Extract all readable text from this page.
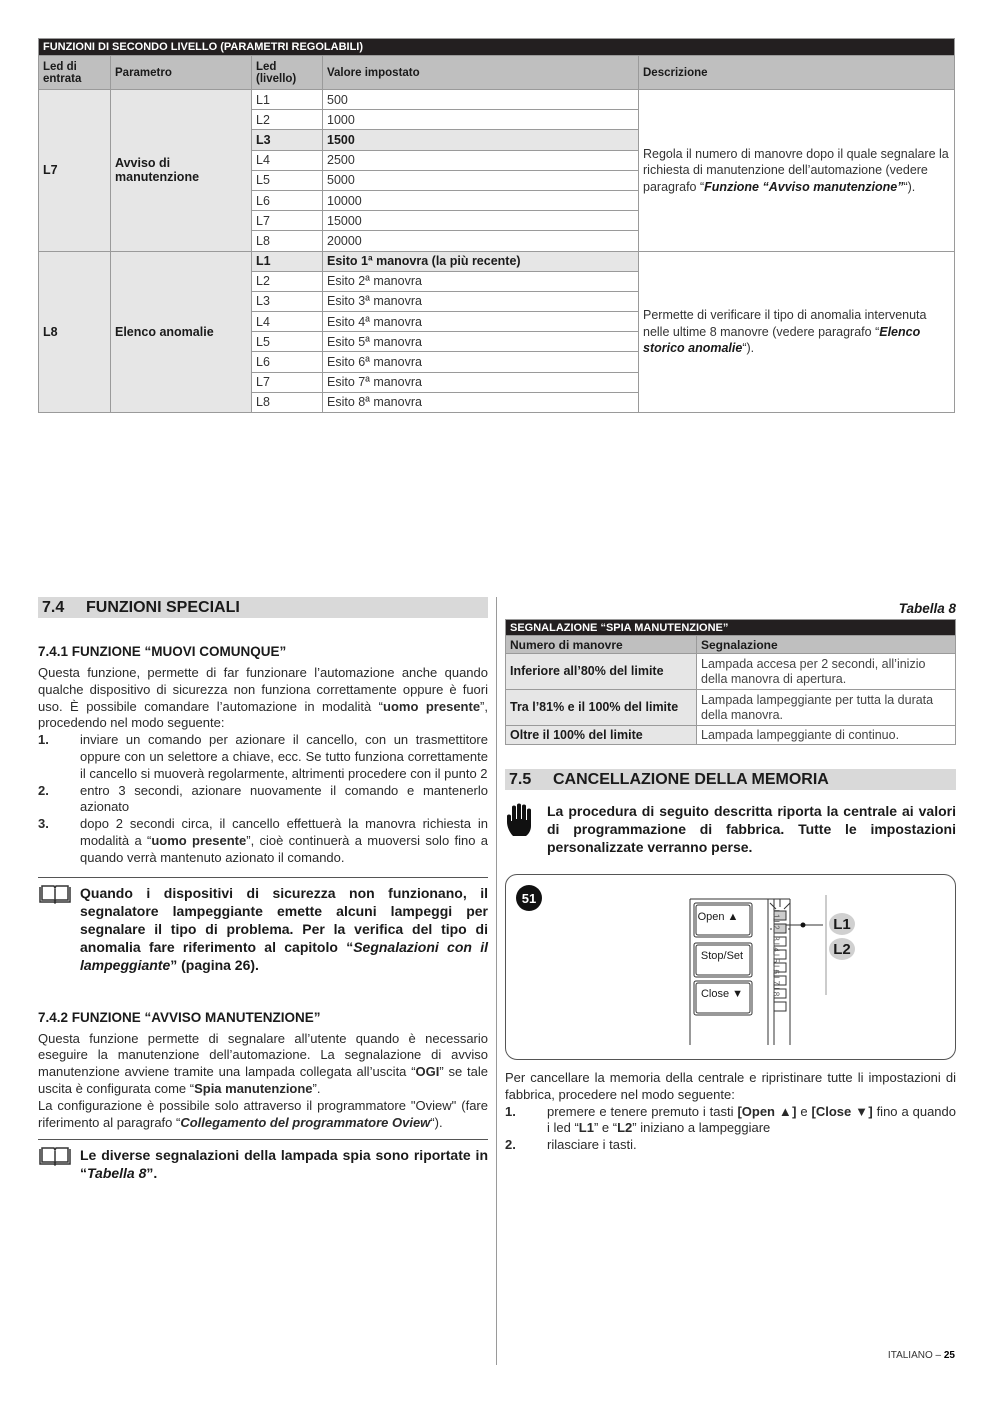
FUNZIONI DI SECONDO LIVELLO (PARAMETRI REGOLABILI)				
Led di entrata	Parametro	Led (livello)	Valore impostato	Descrizione
L7	Avviso di manutenzione	L1	500	Regola il numero di manovre dopo il quale segnalare la richiesta di manutenzione dell’automazione (vedere paragrafo “Funzione “Avviso manutenzione”“).
		L2	1000	
		L3	1500	
		L4	2500	
		L5	5000	
		L6	10000	
		L7	15000	
		L8	20000	
L8	Elenco anomalie	L1	Esito 1ª manovra (la più recente)	Permette di verificare il tipo di anomalia intervenuta nelle ultime 8 manovre (vedere paragrafo “Elenco storico anomalie“).
		L2	Esito 2ª manovra	
		L3	Esito 3ª manovra	
		L4	Esito 4ª manovra	
		L5	Esito 5ª manovra	
		L6	Esito 6ª manovra	
		L7	Esito 7ª manovra	
		L8	Esito 8ª manovra	
7.4	FUNZIONI SPECIALI
7.4.1 FUNZIONE “MUOVI COMUNQUE”

Questa funzione, permette di far funzionare l’automazione anche quando qualche dispositivo di sicurezza non funziona correttamente oppure è fuori uso. È possibile comandare l’automazione in modalità “uomo presente”, procedendo nel modo seguente:

1.	inviare un comando per azionare il cancello, con un trasmettitore oppure con un selettore a chiave, ecc. Se tutto funziona correttamente il cancello si muoverà regolarmente, altrimenti procedere con il punto 2
2.	entro 3 secondi, azionare nuovamente il comando e mantenerlo azionato
3.	dopo 2 secondi circa, il cancello effettuerà la manovra richiesta in modalità a “uomo presente”, cioè continuerà a muoversi solo fino a quando verrà mantenuto azionato il comando.
Quando i dispositivi di sicurezza non funzionano, il segnalatore lampeggiante emette alcuni lampeggi per segnalare il tipo di problema. Per la verifica del tipo di anomalia fare riferimento al capitolo “Segnalazioni con il lampeggiante” (pagina 26).
7.4.2 FUNZIONE “AVVISO MANUTENZIONE”

Questa funzione permette di segnalare all’utente quando è necessario eseguire la manutenzione dell’automazione. La segnalazione di avviso manutenzione avviene tramite una lampada collegata all’uscita “OGI” se tale uscita è configurata come “Spia manutenzione”.

La configurazione è possibile solo attraverso il programmatore "Oview" (fare riferimento al paragrafo “Collegamento del programmatore Oview“).

Le diverse segnalazioni della lampada spia sono riportate in “Tabella 8”.
Tabella 8
SEGNALAZIONE “SPIA MANUTENZIONE”	
Numero di manovre	Segnalazione
Inferiore all’80% del limite	Lampada accesa per 2 secondi, all’inizio della manovra di apertura.
Tra l’81% e il 100% del limite	Lampada lampeggiante per tutta la durata della manovra.
Oltre il 100% del limite	Lampada lampeggiante di continuo.
7.5	CANCELLAZIONE DELLA MEMORIA
La procedura di seguito descritta riporta la centrale ai valori di programmazione di fabbrica. Tutte le impostazioni personalizzate verranno perse.
51
Open ▲
Stop/Set
Close ▼	L1 L2 L3 L4 L5 L6 L7 L8	L1
L2

Per cancellare la memoria della centrale e ripristinare tutte li impostazioni di fabbrica, procedere nel modo seguente:

1.	premere e tenere premuto i tasti [Open ▲] e [Close ▼] fino a quando i led “L1” e “L2” iniziano a lampeggiare
2.	rilasciare i tasti.
ITALIANO – 25
